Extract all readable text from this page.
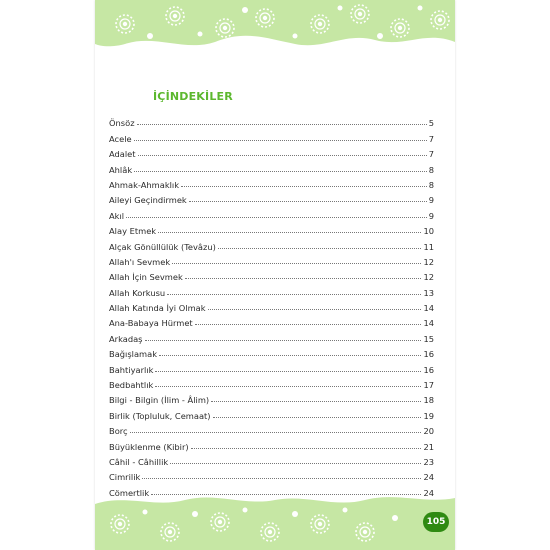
İÇİNDEKİLER
Önsöz	5
Acele	7
Adalet	7
Ahlâk	8
Ahmak-Ahmaklık	8
Aileyi Geçindirmek	9
Akıl	9
Alay Etmek	10
Alçak Gönüllülük (Tevâzu)	11
Allah'ı Sevmek	12
Allah İçin Sevmek	12
Allah Korkusu	13
Allah Katında İyi Olmak	14
Ana-Babaya Hürmet	14
Arkadaş	15
Bağışlamak	16
Bahtiyarlık	16
Bedbahtlık	17
Bilgi - Bilgin (İlim - Âlim)	18
Birlik (Topluluk, Cemaat)	19
Borç	20
Büyüklenme (Kibir)	21
Câhil - Câhillik	23
Cimrilik	24
Cömertlik	24
105
